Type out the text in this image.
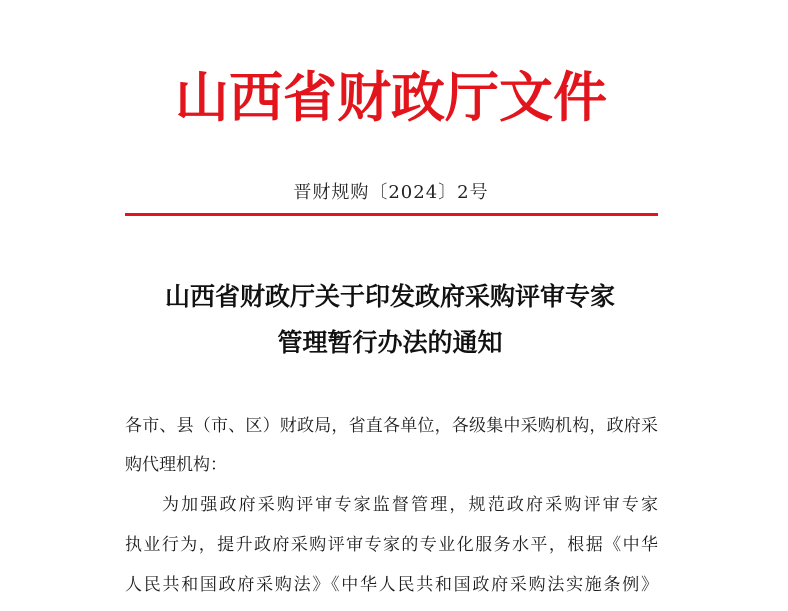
山西省财政厅文件
晋财规购〔2024〕2号
山西省财政厅关于印发政府采购评审专家
管理暂行办法的通知
各市、县（市、区）财政局，省直各单位，各级集中采购机构，政府采
购代理机构：
为加强政府采购评审专家监督管理，规范政府采购评审专家
执业行为，提升政府采购评审专家的专业化服务水平，根据《中华
人民共和国政府采购法》《中华人民共和国政府采购法实施条例》
